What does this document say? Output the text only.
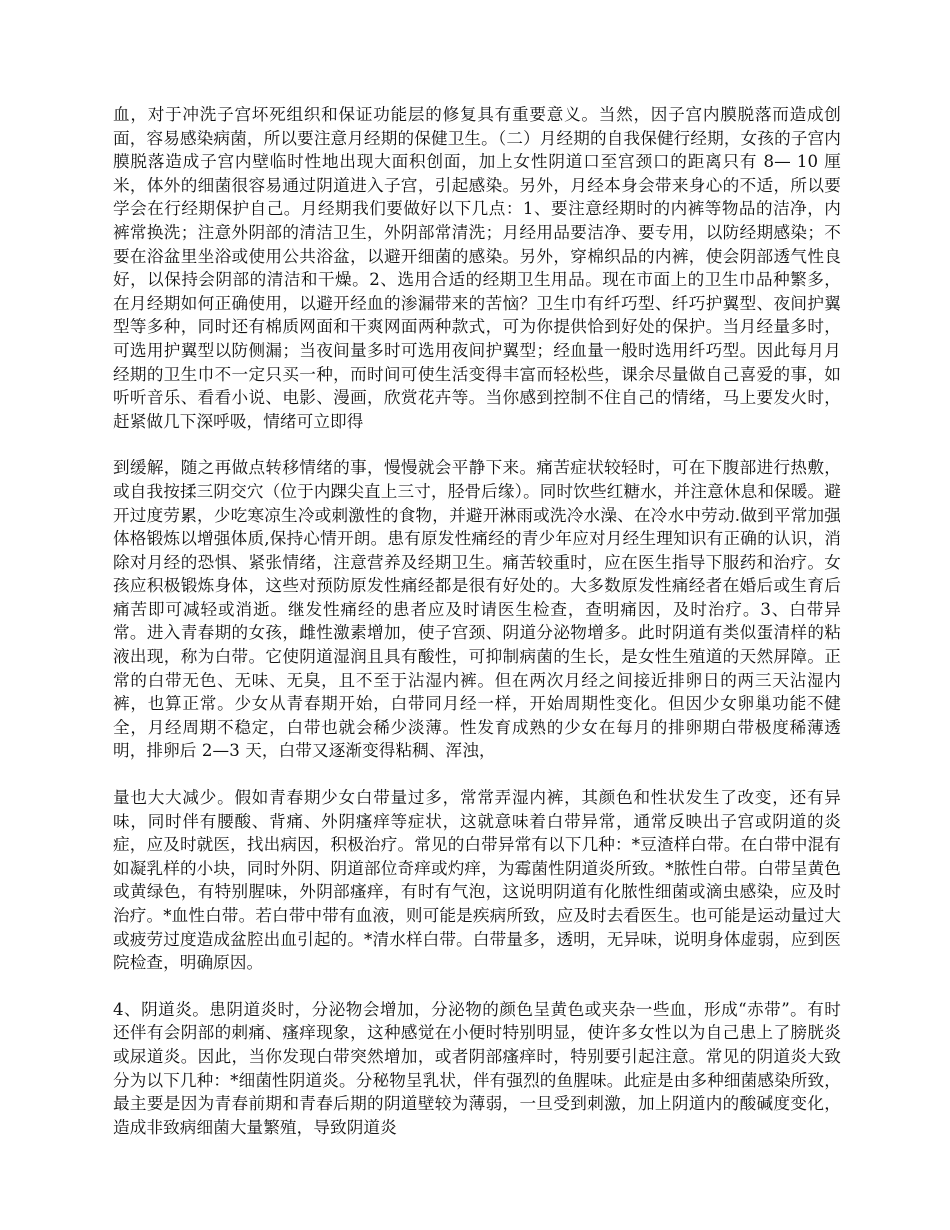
血，对于冲洗子宫坏死组织和保证功能层的修复具有重要意义。当然，因子宫内膜脱落而造成创面，容易感染病菌，所以要注意月经期的保健卫生。（二）月经期的自我保健行经期，女孩的子宫内膜脱落造成子宫内壁临时性地出现大面积创面，加上女性阴道口至宫颈口的距离只有 8— 10 厘米，体外的细菌很容易通过阴道进入子宫，引起感染。另外，月经本身会带来身心的不适，所以要学会在行经期保护自己。月经期我们要做好以下几点：1、要注意经期时的内裤等物品的洁净，内裤常换洗；注意外阴部的清洁卫生，外阴部常清洗；月经用品要洁净、要专用，以防经期感染；不要在浴盆里坐浴或使用公共浴盆，以避开细菌的感染。另外，穿棉织品的内裤，使会阴部透气性良好，以保持会阴部的清洁和干燥。2、选用合适的经期卫生用品。现在市面上的卫生巾品种繁多，在月经期如何正确使用，以避开经血的渗漏带来的苦恼？卫生巾有纤巧型、纤巧护翼型、夜间护翼型等多种，同时还有棉质网面和干爽网面两种款式，可为你提供恰到好处的保护。当月经量多时，可选用护翼型以防侧漏；当夜间量多时可选用夜间护翼型；经血量一般时选用纤巧型。因此每月月经期的卫生巾不一定只买一种，而时间可使生活变得丰富而轻松些，课余尽量做自己喜爱的事，如听听音乐、看看小说、电影、漫画，欣赏花卉等。当你感到控制不住自己的情绪，马上要发火时，赶紧做几下深呼吸，情绪可立即得

到缓解，随之再做点转移情绪的事，慢慢就会平静下来。痛苦症状较轻时，可在下腹部进行热敷，或自我按揉三阴交穴（位于内踝尖直上三寸，胫骨后缘）。同时饮些红糖水，并注意休息和保暖。避开过度劳累，少吃寒凉生冷或刺激性的食物，并避开淋雨或洗冷水澡、在冷水中劳动.做到平常加强体格锻炼以增强体质,保持心情开朗。患有原发性痛经的青少年应对月经生理知识有正确的认识，消除对月经的恐惧、紧张情绪，注意营养及经期卫生。痛苦较重时，应在医生指导下服药和治疗。女孩应积极锻炼身体，这些对预防原发性痛经都是很有好处的。大多数原发性痛经者在婚后或生育后痛苦即可减轻或消逝。继发性痛经的患者应及时请医生检查，查明痛因，及时治疗。3、白带异常。进入青春期的女孩，雌性激素增加，使子宫颈、阴道分泌物增多。此时阴道有类似蛋清样的粘液出现，称为白带。它使阴道湿润且具有酸性，可抑制病菌的生长，是女性生殖道的天然屏障。正常的白带无色、无味、无臭，且不至于沾湿内裤。但在两次月经之间接近排卵日的两三天沾湿内裤，也算正常。少女从青春期开始，白带同月经一样，开始周期性变化。但因少女卵巢功能不健全，月经周期不稳定，白带也就会稀少淡薄。性发育成熟的少女在每月的排卵期白带极度稀薄透明，排卵后 2—3 天，白带又逐渐变得粘稠、浑浊，

量也大大减少。假如青春期少女白带量过多，常常弄湿内裤，其颜色和性状发生了改变，还有异味，同时伴有腰酸、背痛、外阴瘙痒等症状，这就意味着白带异常，通常反映出子宫或阴道的炎症，应及时就医，找出病因，积极治疗。常见的白带异常有以下几种：*豆渣样白带。在白带中混有如凝乳样的小块，同时外阴、阴道部位奇痒或灼痒，为霉菌性阴道炎所致。*脓性白带。白带呈黄色或黄绿色，有特别腥味，外阴部瘙痒，有时有气泡，这说明阴道有化脓性细菌或滴虫感染，应及时治疗。*血性白带。若白带中带有血液，则可能是疾病所致，应及时去看医生。也可能是运动量过大或疲劳过度造成盆腔出血引起的。*清水样白带。白带量多，透明，无异味，说明身体虚弱，应到医院检查，明确原因。

4、阴道炎。患阴道炎时，分泌物会增加，分泌物的颜色呈黄色或夹杂一些血，形成“赤带”。有时还伴有会阴部的刺痛、瘙痒现象，这种感觉在小便时特别明显，使许多女性以为自己患上了膀胱炎或尿道炎。因此，当你发现白带突然增加，或者阴部瘙痒时，特别要引起注意。常见的阴道炎大致分为以下几种：*细菌性阴道炎。分秘物呈乳状，伴有强烈的鱼腥味。此症是由多种细菌感染所致，最主要是因为青春前期和青春后期的阴道壁较为薄弱，一旦受到刺激，加上阴道内的酸碱度变化，造成非致病细菌大量繁殖，导致阴道炎
